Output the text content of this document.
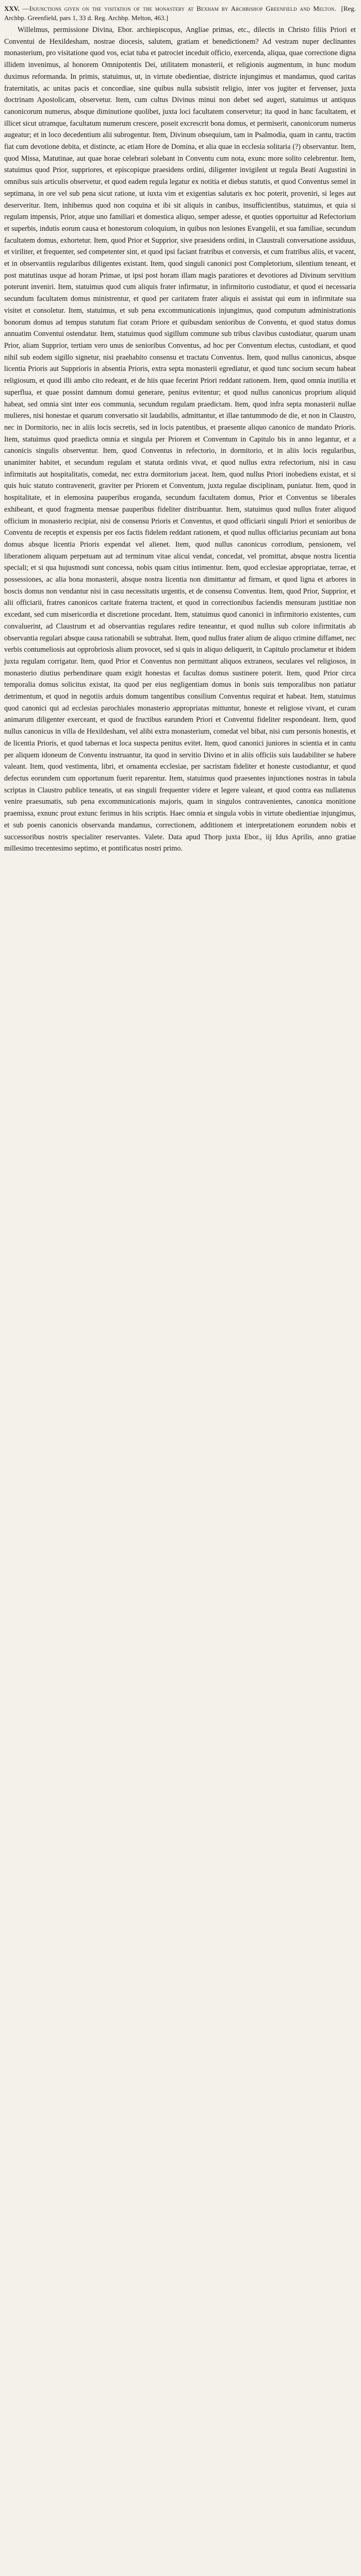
XXV. —Injunctions given on the visitation of the monastery at Bexham by Archbishop Greenfield and Melton. [Reg. Archbp. Greenfield, pars 1, 33 d. Reg. Archbp. Melton, 463.]

Willelmus, permissione Divina, Ebor. archiepiscopus, Angliae primas, etc., dilectis in Christo filiis Priori et Conventui de Hexildesham, nostrae diocesis, salutem, gratiam et benedictionem? Ad vestram nuper declinantes monasterium, pro visitatione quod vos, eciat tuba et patrociet inceduit officio, exercenda, aliqua, quae correctione digna illidem invenimus, al honorem Omnipotentis Dei, utilitatem monasterii, et religionis augmentum, in hunc modum duximus reformanda. In primis, statuimus, ut, in virtute obedientiae, districte injungimus et mandamus, quod caritas fraternitatis, ac unitas pacis et concordiae, sine quibus nulla subsistit religio, inter vos jugiter et fervenser, juxta doctrinam Apostolicam, observetur. Item, cum cultus Divinus minui non debet sed augeri, statuimus ut antiquus canonicorum numerus, absque diminutione quolibet, juxta loci facultatem conservetur; ita quod in hanc facultatem, et illicet sicut utramque, facultatum numerum crescere, poseit excrescrit bona domus, et permiserit, canonicorum numerus augeatur; et in loco decedentium alii subrogentur. Item, Divinum obsequium, tam in Psalmodia, quam in cantu, tractim fiat cum devotione debita, et distincte, ac etiam Hore de Domina, et alia quae in ecclesia solitaria (?) observantur. Item, quod Missa, Matutinae, aut quae horae celebrari solebant in Conventu cum nota, exunc more solito celebrentur. Item, statuimus quod Prior, suppriores, et episcopique praesidens ordini, diligenter invigilent ut regula Beati Augustini in omnibus suis articulis observetur, et quod eadem regula legatur ex notitia et diebus statutis, et quod Conventus semel in septimana, in ore vel sub pena sicut ratione, ut iuxta vim et exigentias salutaris ex hoc poterit, proveniri, si leges aut deserveritur. Item, inhibemus quod non coquina et ibi sit aliquis in canibus, insufficientibus, statuimus, et quia si regulam impensis, Prior, atque uno familiari et domestica aliquo, semper adesse, et quoties opportuitur ad Refectorium et superbis, indutis eorum causa et honestorum coloquium, in quibus non lesiones Evangelii, et sua familiae, secundum facultatem domus, exhortetur. Item, quod Prior et Supprior, sive praesidens ordini, in Claustrali conversatione assiduus, et viriliter, et frequenter, sed competenter sint, et quod ipsi faciant fratribus et conversis, et cum fratribus aliis, et vacent, et in observantiis regularibus diligentes existant. Item, quod singuli canonici post Completorium, silentium teneant, et post matutinas usque ad horam Primae, ut ipsi post horam illam magis paratiores et devotiores ad Divinum servitium poterunt inveniri. Item, statuimus quod cum aliquis frater infirmatur, in infirmitorio custodiatur, et quod ei necessaria secundum facultatem domus ministrentur, et quod per caritatem frater aliquis ei assistat qui eum in infirmitate sua visitet et consoletur. Item, statuimus, et sub pena excommunicationis injungimus, quod computum administrationis bonorum domus ad tempus statutum fiat coram Priore et quibusdam senioribus de Conventu, et quod status domus annuatim Conventui ostendatur. Item, statuimus quod sigillum commune sub tribus clavibus custodiatur, quarum unam Prior, aliam Supprior, tertiam vero unus de senioribus Conventus, ad hoc per Conventum electus, custodiant, et quod nihil sub eodem sigillo signetur, nisi praehabito consensu et tractatu Conventus. Item, quod nullus canonicus, absque licentia Prioris aut Supprioris in absentia Prioris, extra septa monasterii egrediatur, et quod tunc socium secum habeat religiosum, et quod illi ambo cito redeant, et de hiis quae fecerint Priori reddant rationem. Item, quod omnia inutilia et superflua, et quae possint damnum domui generare, penitus evitentur; et quod nullus canonicus proprium aliquid habeat, sed omnia sint inter eos communia, secundum regulam praedictam. Item, quod infra septa monasterii nullae mulieres, nisi honestae et quarum conversatio sit laudabilis, admittantur, et illae tantummodo de die, et non in Claustro, nec in Dormitorio, nec in aliis locis secretis, sed in locis patentibus, et praesente aliquo canonico de mandato Prioris. Item, statuimus quod praedicta omnia et singula per Priorem et Conventum in Capitulo bis in anno legantur, et a canonicis singulis observentur. Item, quod Conventus in refectorio, in dormitorio, et in aliis locis regularibus, unanimiter habitet, et secundum regulam et statuta ordinis vivat, et quod nullus extra refectorium, nisi in casu infirmitatis aut hospitalitatis, comedat, nec extra dormitorium jaceat. Item, quod nullus Priori inobediens existat, et si quis huic statuto contravenerit, graviter per Priorem et Conventum, juxta regulae disciplinam, puniatur. Item, quod in hospitalitate, et in elemosina pauperibus eroganda, secundum facultatem domus, Prior et Conventus se liberales exhibeant, et quod fragmenta mensae pauperibus fideliter distribuantur. Item, statuimus quod nullus frater aliquod officium in monasterio recipiat, nisi de consensu Prioris et Conventus, et quod officiarii singuli Priori et senioribus de Conventu de receptis et expensis per eos factis fidelem reddant rationem, et quod nullus officiarius pecuniam aut bona domus absque licentia Prioris expendat vel alienet. Item, quod nullus canonicus corrodium, pensionem, vel liberationem aliquam perpetuam aut ad terminum vitae alicui vendat, concedat, vel promittat, absque nostra licentia speciali; et si qua hujusmodi sunt concessa, nobis quam citius intimentur. Item, quod ecclesiae appropriatae, terrae, et possessiones, ac alia bona monasterii, absque nostra licentia non dimittantur ad firmam, et quod ligna et arbores in boscis domus non vendantur nisi in casu necessitatis urgentis, et de consensu Conventus. Item, quod Prior, Supprior, et alii officiarii, fratres canonicos caritate fraterna tractent, et quod in correctionibus faciendis mensuram justitiae non excedant, sed cum misericordia et discretione procedant. Item, statuimus quod canonici in infirmitorio existentes, cum convaluerint, ad Claustrum et ad observantias regulares redire teneantur, et quod nullus sub colore infirmitatis ab observantia regulari absque causa rationabili se subtrahat. Item, quod nullus frater alium de aliquo crimine diffamet, nec verbis contumeliosis aut opprobriosis alium provocet, sed si quis in aliquo deliquerit, in Capitulo proclametur et ibidem juxta regulam corrigatur. Item, quod Prior et Conventus non permittant aliquos extraneos, seculares vel religiosos, in monasterio diutius perhendinare quam exigit honestas et facultas domus sustinere poterit. Item, quod Prior circa temporalia domus solicitus existat, ita quod per eius negligentiam domus in bonis suis temporalibus non patiatur detrimentum, et quod in negotiis arduis domum tangentibus consilium Conventus requirat et habeat. Item, statuimus quod canonici qui ad ecclesias parochiales monasterio appropriatas mittuntur, honeste et religiose vivant, et curam animarum diligenter exerceant, et quod de fructibus earundem Priori et Conventui fideliter respondeant. Item, quod nullus canonicus in villa de Hexildesham, vel alibi extra monasterium, comedat vel bibat, nisi cum personis honestis, et de licentia Prioris, et quod tabernas et loca suspecta penitus evitet. Item, quod canonici juniores in scientia et in cantu per aliquem idoneum de Conventu instruantur, ita quod in servitio Divino et in aliis officiis suis laudabiliter se habere valeant. Item, quod vestimenta, libri, et ornamenta ecclesiae, per sacristam fideliter et honeste custodiantur, et quod defectus eorundem cum opportunum fuerit reparentur. Item, statuimus quod praesentes injunctiones nostras in tabula scriptas in Claustro publice teneatis, ut eas singuli frequenter videre et legere valeant, et quod contra eas nullatenus venire praesumatis, sub pena excommunicationis majoris, quam in singulos contravenientes, canonica monitione praemissa, exnunc prout extunc ferimus in hiis scriptis. Haec omnia et singula vobis in virtute obedientiae injungimus, et sub poenis canonicis observanda mandamus, correctionem, additionem et interpretationem eorundem nobis et successoribus nostris specialiter reservantes. Valete. Data apud Thorp juxta Ebor., iij Idus Aprilis, anno gratiae millesimo trecentesimo septimo, et pontificatus nostri primo.
